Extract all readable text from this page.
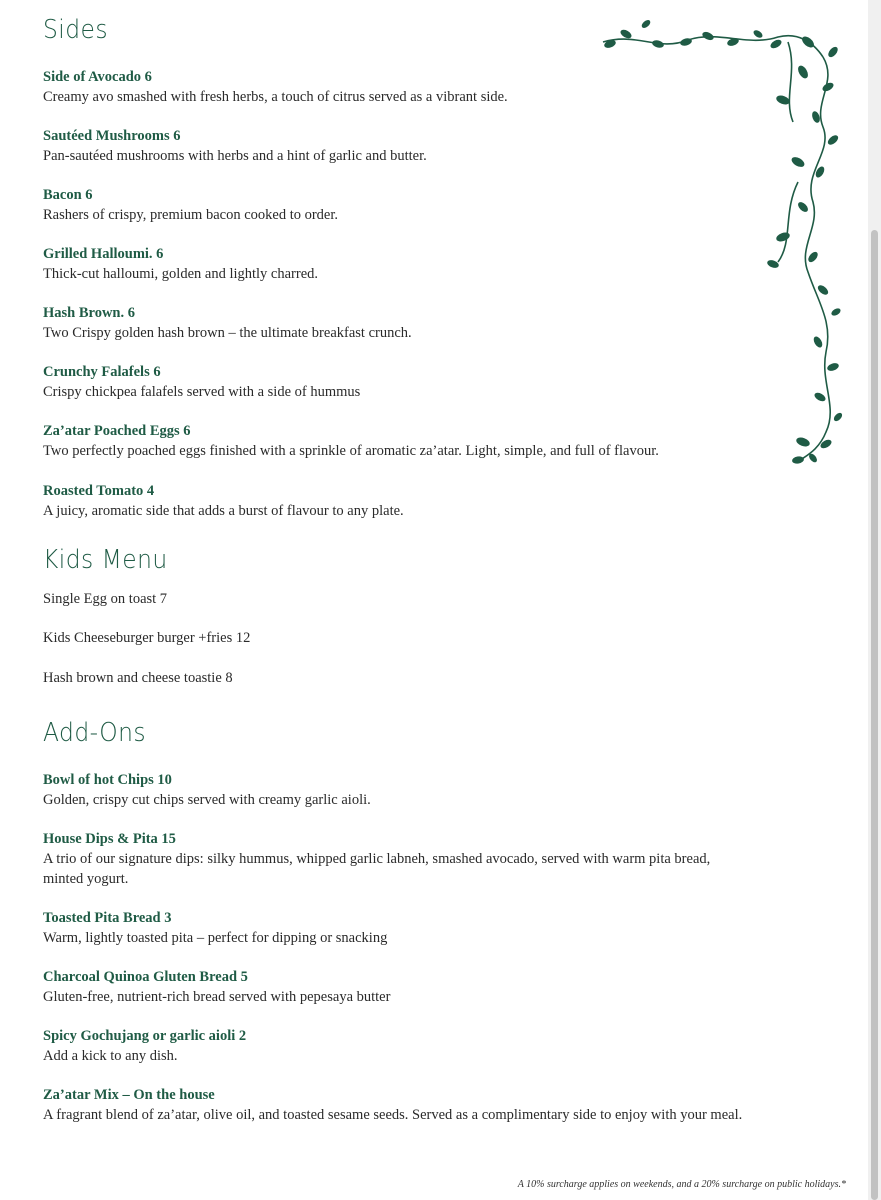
Sides
Side of Avocado 6
Creamy avo smashed with fresh herbs, a touch of citrus served as a vibrant side.
Sautéed Mushrooms 6
Pan-sautéed mushrooms with herbs and a hint of garlic and butter.
Bacon 6
Rashers of crispy, premium bacon cooked to order.
Grilled Halloumi. 6
Thick-cut halloumi, golden and lightly charred.
Hash Brown. 6
Two Crispy golden hash brown – the ultimate breakfast crunch.
Crunchy Falafels 6
Crispy chickpea falafels served with a side of hummus
Za’atar Poached Eggs 6
Two perfectly poached eggs finished with a sprinkle of aromatic za’atar. Light, simple, and full of flavour.
Roasted Tomato 4
A juicy, aromatic side that adds a burst of flavour to any plate.
Kids Menu
Single Egg on toast 7
Kids Cheeseburger burger +fries 12
Hash brown and cheese toastie 8
Add-Ons
Bowl of hot Chips 10
Golden, crispy cut chips served with creamy garlic aioli.
House Dips & Pita 15
A trio of our signature dips: silky hummus, whipped garlic labneh, smashed avocado, served with warm pita bread, minted yogurt.
Toasted Pita Bread 3
Warm, lightly toasted pita – perfect for dipping or snacking
Charcoal Quinoa Gluten Bread 5
Gluten-free, nutrient-rich bread served with pepesaya butter
Spicy Gochujang or garlic aioli 2
Add a kick to any dish.
Za’atar Mix – On the house
A fragrant blend of za’atar, olive oil, and toasted sesame seeds. Served as a complimentary side to enjoy with your meal.
A 10% surcharge applies on weekends, and a 20% surcharge on public holidays.*
